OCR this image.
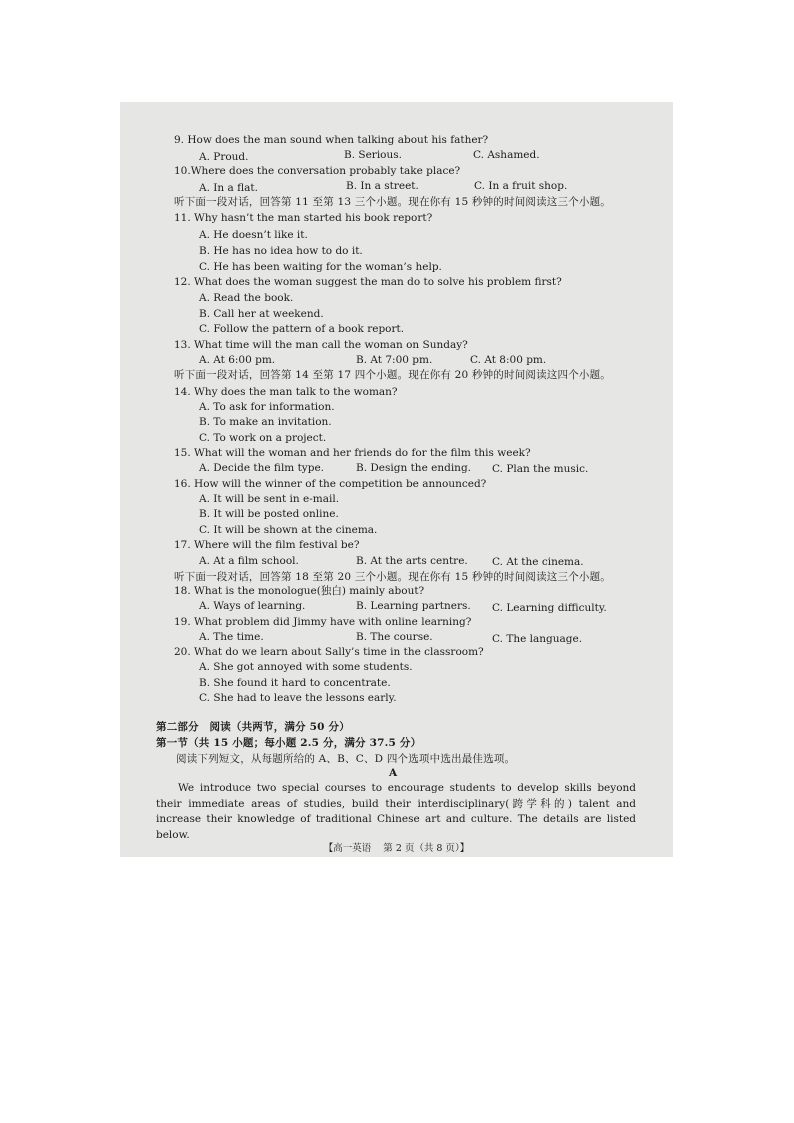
9. How does the man sound when talking about his father?
A. Proud.	B. Serious.	C. Ashamed.
10.Where does the conversation probably take place?
A. In a flat.	B. In a street.	C. In a fruit shop.
听下面一段对话，回答第 11 至第 13 三个小题。现在你有 15 秒钟的时间阅读这三个小题。
11. Why hasn’t the man started his book report?
A. He doesn’t like it.
B. He has no idea how to do it.
C. He has been waiting for the woman’s help.
12. What does the woman suggest the man do to solve his problem first?
A. Read the book.
B. Call her at weekend.
C. Follow the pattern of a book report.
13. What time will the man call the woman on Sunday?
A. At 6:00 pm.	B. At 7:00 pm.	C. At 8:00 pm.
听下面一段对话，回答第 14 至第 17 四个小题。现在你有 20 秒钟的时间阅读这四个小题。
14. Why does the man talk to the woman?
A. To ask for information.
B. To make an invitation.
C. To work on a project.
15. What will the woman and her friends do for the film this week?
A. Decide the film type.	B. Design the ending. C. Plan the music.
16. How will the winner of the competition be announced?
A. It will be sent in e-mail.
B. It will be posted online.
C. It will be shown at the cinema.
17. Where will the film festival be?
A. At a film school.	B. At the arts centre. C. At the cinema.
听下面一段对话，回答第 18 至第 20 三个小题。现在你有 15 秒钟的时间阅读这三个小题。
18. What is the monologue(独白) mainly about?
A. Ways of learning.	B. Learning partners. C. Learning difficulty.
19. What problem did Jimmy have with online learning?
A. The time.	B. The course.	C. The language.
20. What do we learn about Sally’s time in the classroom?
A. She got annoyed with some students.
B. She found it hard to concentrate.
C. She had to leave the lessons early.
第二部分　阅读（共两节，满分 50 分）
第一节（共 15 小题；每小题 2.5 分，满分 37.5 分）
阅读下列短文，从每题所给的 A、B、C、D 四个选项中选出最佳选项。
A
We introduce two special courses to encourage students to develop skills beyond their immediate areas of studies, build their interdisciplinary(跨学科的) talent and increase their knowledge of traditional Chinese art and culture. The details are listed below.
【高一英语 第 2 页（共 8 页）】
